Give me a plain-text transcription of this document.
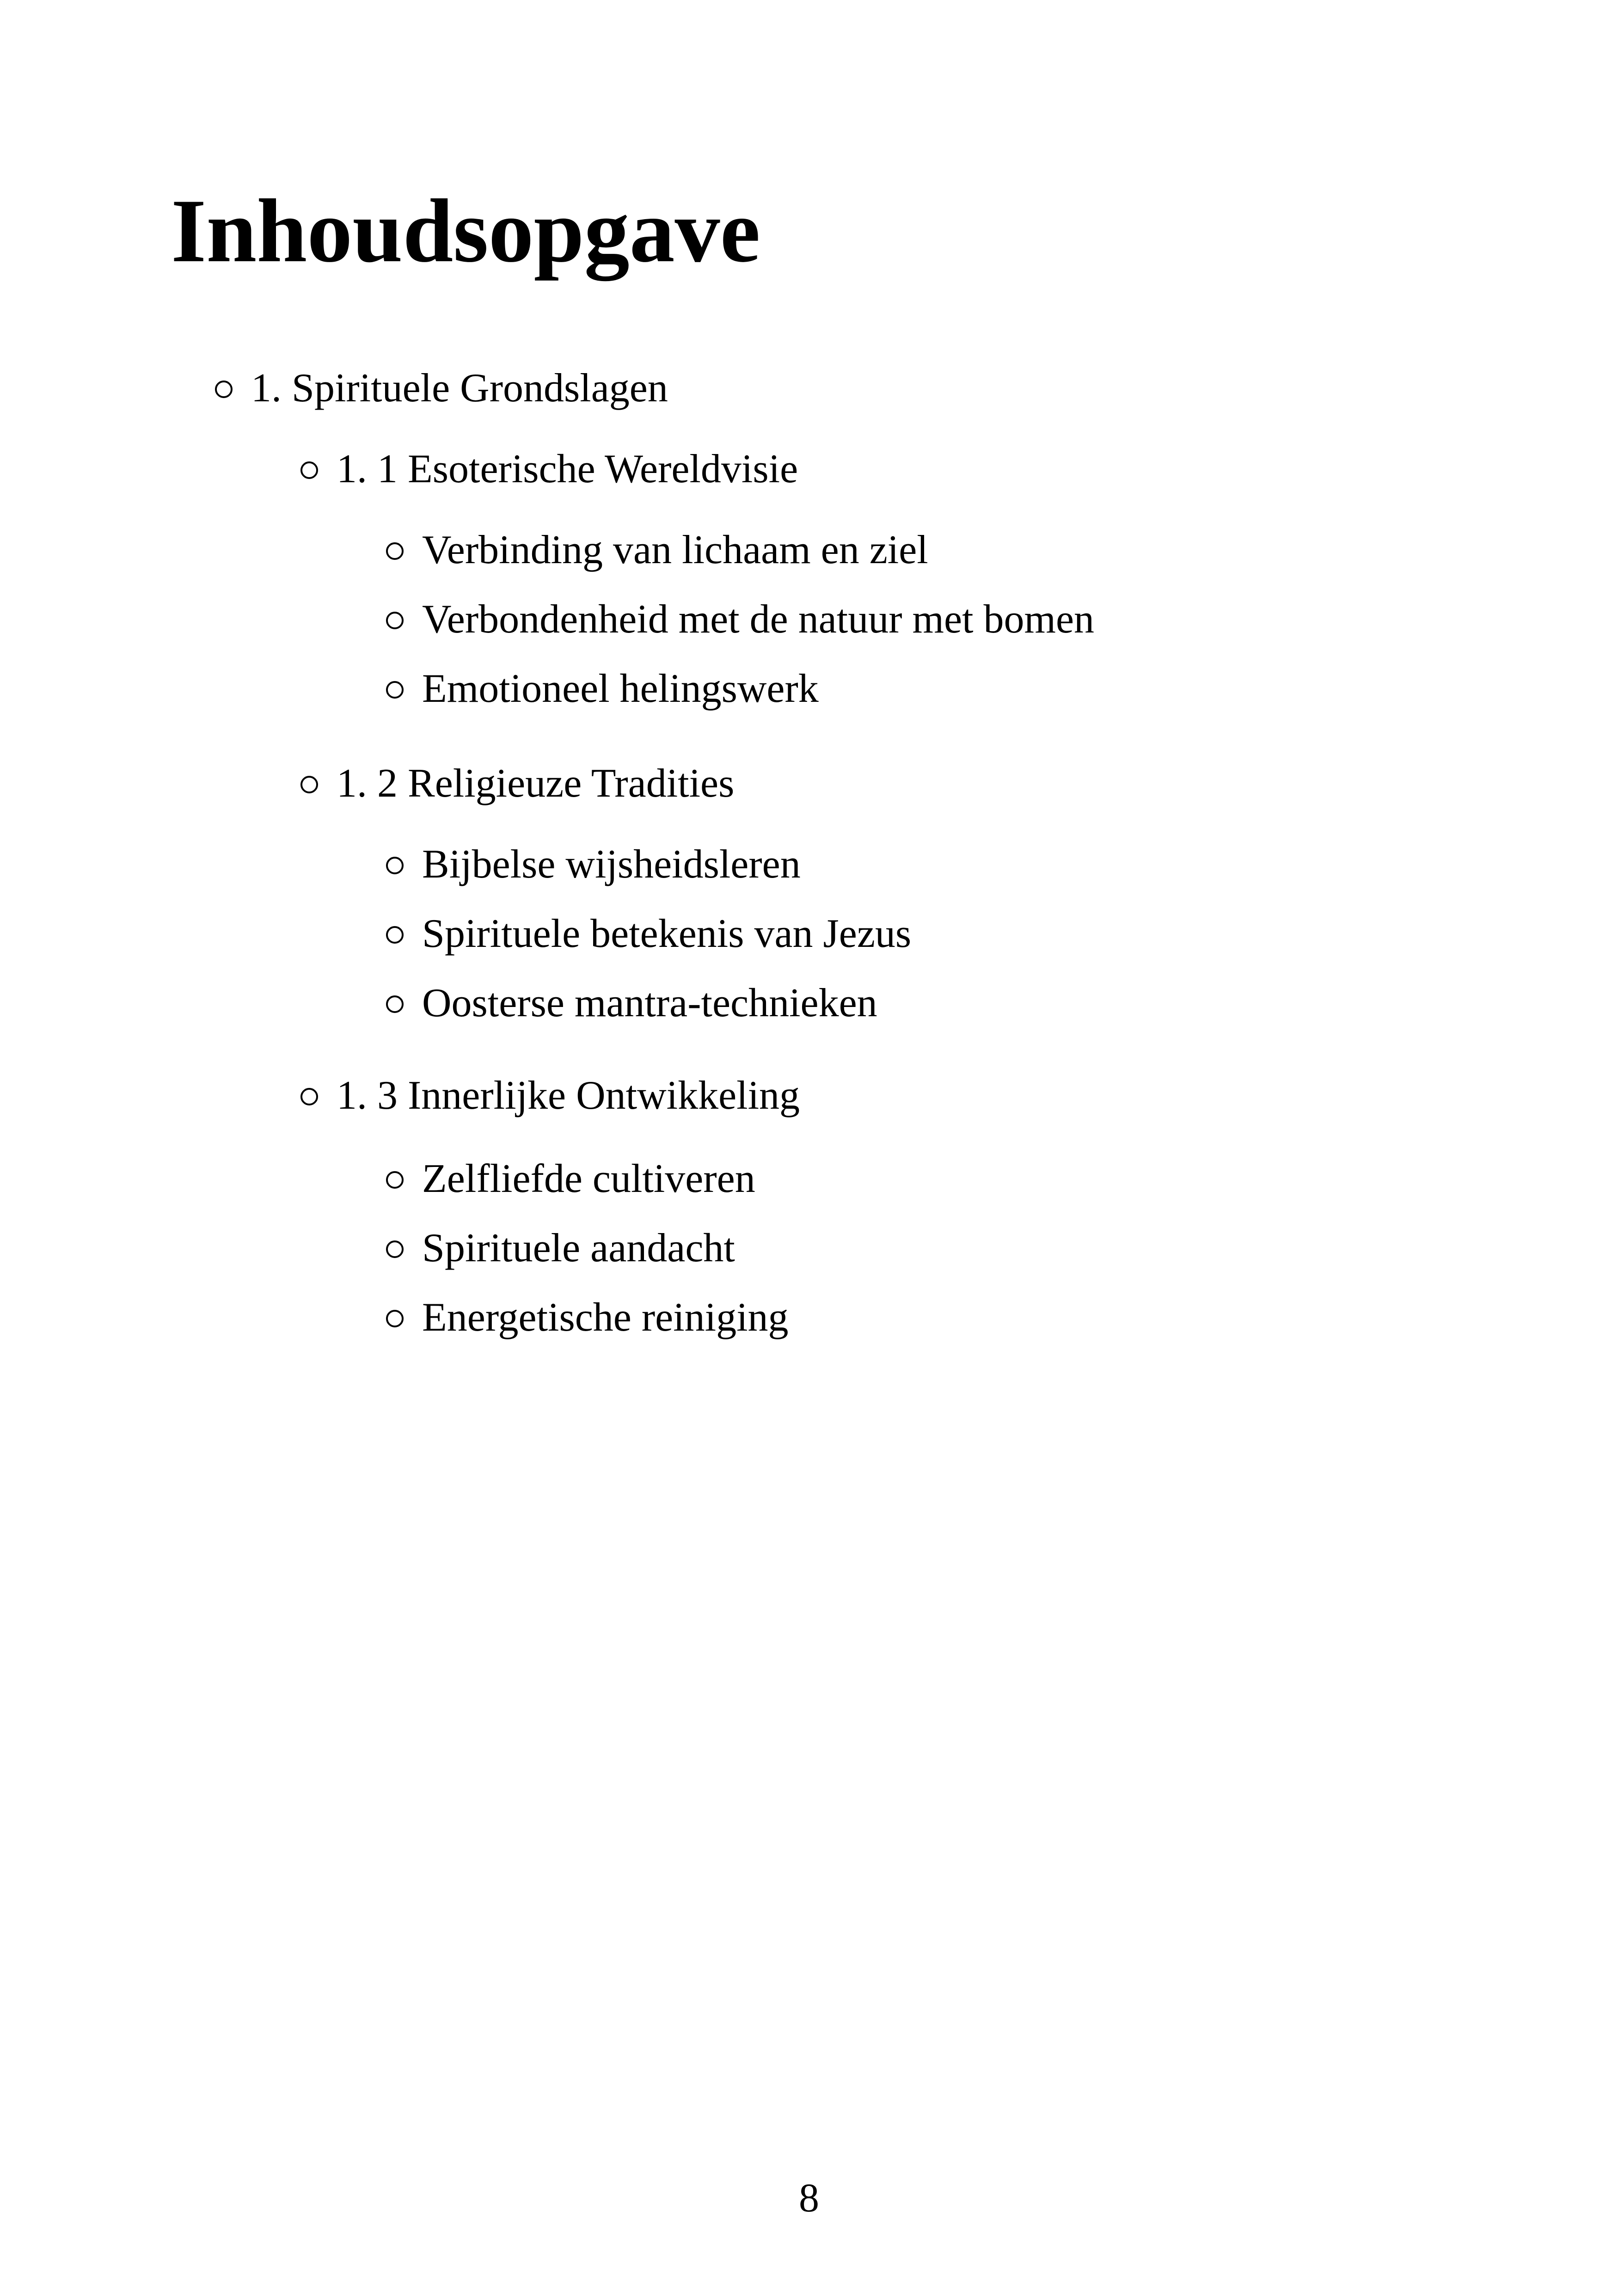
Inhoudsopgave
1. Spirituele Grondslagen
1. 1 Esoterische Wereldvisie
Verbinding van lichaam en ziel
Verbondenheid met de natuur met bomen
Emotioneel helingswerk
1. 2 Religieuze Tradities
Bijbelse wijsheidsleren
Spirituele betekenis van Jezus
Oosterse mantra-technieken
1. 3 Innerlijke Ontwikkeling
Zelfliefde cultiveren
Spirituele aandacht
Energetische reiniging
8
